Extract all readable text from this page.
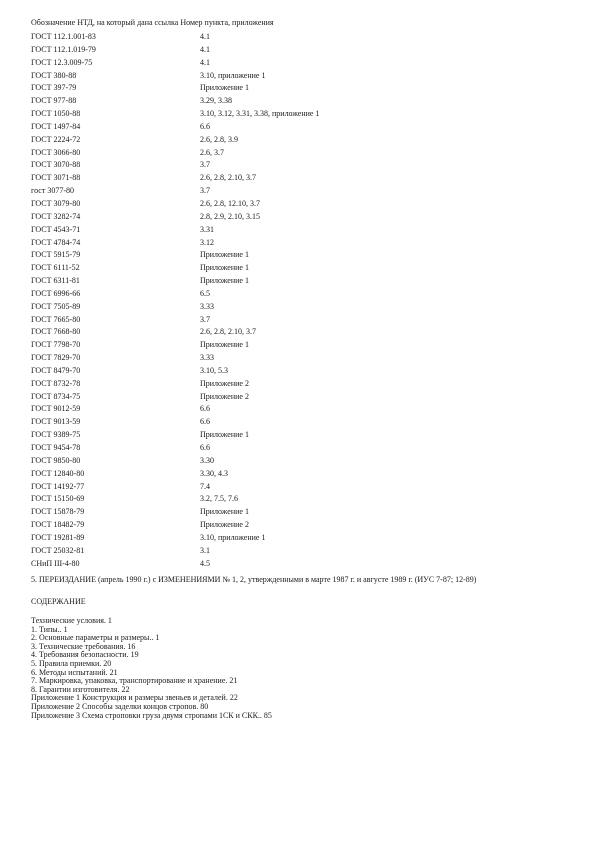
Обозначение НТД, на который дана ссылка Номер пункта, приложения
ГОСТ 112.1.001-83	4.1
ГОСТ 112.1.019-79	4.1
ГОСТ 12.3.009-75	4.1
ГОСТ 380-88	3.10, приложение 1
ГОСТ 397-79	Приложение 1
ГОСТ 977-88	3.29, 3.38
ГОСТ 1050-88	3.10, 3.12, 3.31, 3.38, приложение 1
ГОСТ 1497-84	6.6
ГОСТ 2224-72	2.6, 2.8, 3.9
ГОСТ 3066-80	2.6, 3.7
ГОСТ 3070-88	3.7
ГОСТ 3071-88	2.6, 2.8, 2.10, 3.7
гост 3077-80	3.7
ГОСТ 3079-80	2.6, 2.8, 12.10, 3.7
ГОСТ 3282-74	2.8, 2.9, 2.10, 3.15
ГОСТ 4543-71	3.31
ГОСТ 4784-74	3.12
ГОСТ 5915-79	Приложение 1
ГОСТ 6111-52	Приложение 1
ГОСТ 6311-81	Приложение 1
ГОСТ 6996-66	6.5
ГОСТ 7505-89	3.33
ГОСТ 7665-80	3.7
ГОСТ 7668-80	2.6, 2.8, 2.10, 3.7
ГОСТ 7798-70	Приложение 1
ГОСТ 7829-70	3.33
ГОСТ 8479-70	3.10, 5.3
ГОСТ 8732-78	Приложение 2
ГОСТ 8734-75	Приложение 2
ГОСТ 9012-59	6.6
ГОСТ 9013-59	6.6
ГОСТ 9389-75	Приложение 1
ГОСТ 9454-78	6.6
ГОСТ 9850-80	3.30
ГОСТ 12840-80	3.30, 4.3
ГОСТ 14192-77	7.4
ГОСТ 15150-69	3.2, 7.5, 7.6
ГОСТ 15878-79	Приложение 1
ГОСТ 18482-79	Приложение 2
ГОСТ 19281-89	3.10, приложение 1
ГОСТ 25032-81	3.1
СНиП III-4-80	4.5
5. ПЕРЕИЗДАНИЕ (апрель 1990 г.) с ИЗМЕНЕНИЯМИ № 1, 2, утвержденными в марте 1987 г. и августе 1989 г. (ИУС 7-87; 12-89)
СОДЕРЖАНИЕ
Технические условия. 1
1. Типы.. 1
2. Основные параметры и размеры.. 1
3. Технические требования. 16
4. Требования безопасности. 19
5. Правила приемки. 20
6. Методы испытаний. 21
7. Маркировка, упаковка, транспортирование и хранение. 21
8. Гарантии изготовителя. 22
Приложение 1 Конструкция и размеры звеньев и деталей. 22
Приложение 2 Способы заделки концов стропов. 80
Приложение 3 Схема строповки груза двумя стропами 1СК и СКК.. 85
